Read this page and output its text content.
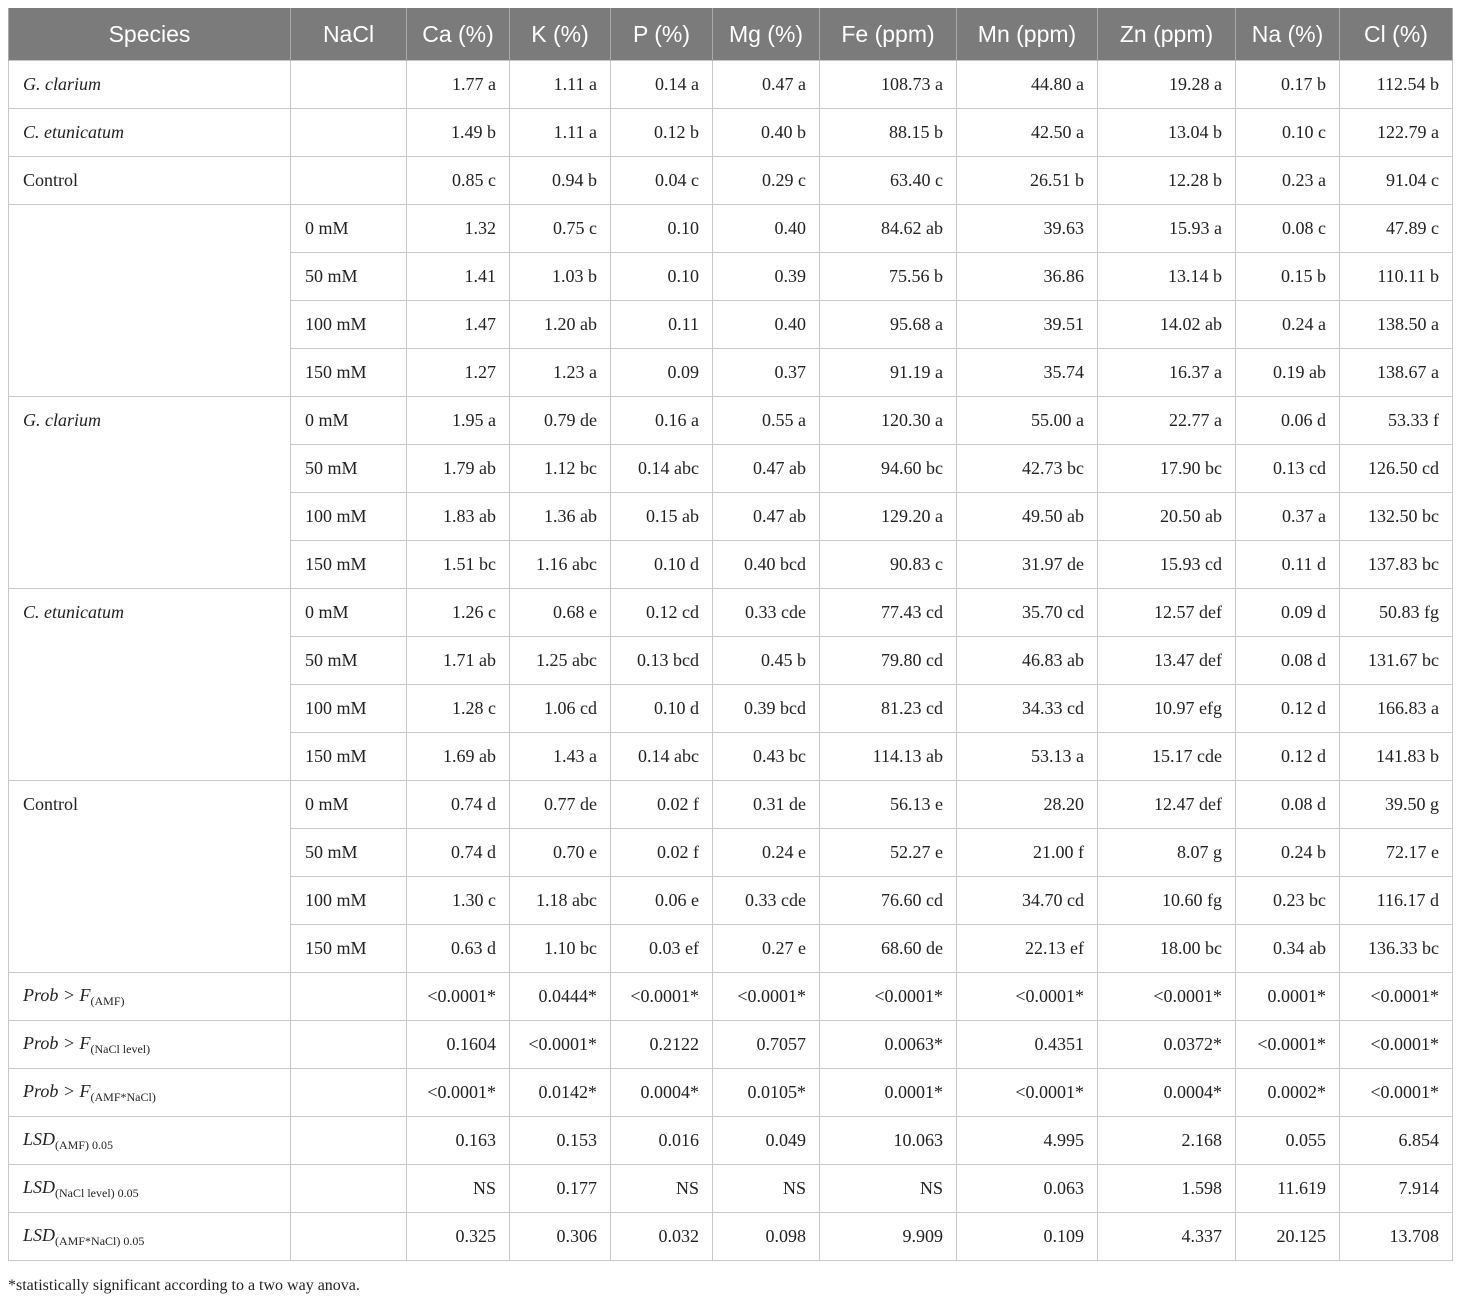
Species	NaCl	Ca (%)	K (%)	P (%)	Mg (%)	Fe (ppm)	Mn (ppm)	Zn (ppm)	Na (%)	Cl (%)
G. clarium		1.77 a	1.11 a	0.14 a	0.47 a	108.73 a	44.80 a	19.28 a	0.17 b	112.54 b
C. etunicatum		1.49 b	1.11 a	0.12 b	0.40 b	88.15 b	42.50 a	13.04 b	0.10 c	122.79 a
Control		0.85 c	0.94 b	0.04 c	0.29 c	63.40 c	26.51 b	12.28 b	0.23 a	91.04 c
	0 mM	1.32	0.75 c	0.10	0.40	84.62 ab	39.63	15.93 a	0.08 c	47.89 c
	50 mM	1.41	1.03 b	0.10	0.39	75.56 b	36.86	13.14 b	0.15 b	110.11 b
	100 mM	1.47	1.20 ab	0.11	0.40	95.68 a	39.51	14.02 ab	0.24 a	138.50 a
	150 mM	1.27	1.23 a	0.09	0.37	91.19 a	35.74	16.37 a	0.19 ab	138.67 a
G. clarium	0 mM	1.95 a	0.79 de	0.16 a	0.55 a	120.30 a	55.00 a	22.77 a	0.06 d	53.33 f
	50 mM	1.79 ab	1.12 bc	0.14 abc	0.47 ab	94.60 bc	42.73 bc	17.90 bc	0.13 cd	126.50 cd
	100 mM	1.83 ab	1.36 ab	0.15 ab	0.47 ab	129.20 a	49.50 ab	20.50 ab	0.37 a	132.50 bc
	150 mM	1.51 bc	1.16 abc	0.10 d	0.40 bcd	90.83 c	31.97 de	15.93 cd	0.11 d	137.83 bc
C. etunicatum	0 mM	1.26 c	0.68 e	0.12 cd	0.33 cde	77.43 cd	35.70 cd	12.57 def	0.09 d	50.83 fg
	50 mM	1.71 ab	1.25 abc	0.13 bcd	0.45 b	79.80 cd	46.83 ab	13.47 def	0.08 d	131.67 bc
	100 mM	1.28 c	1.06 cd	0.10 d	0.39 bcd	81.23 cd	34.33 cd	10.97 efg	0.12 d	166.83 a
	150 mM	1.69 ab	1.43 a	0.14 abc	0.43 bc	114.13 ab	53.13 a	15.17 cde	0.12 d	141.83 b
Control	0 mM	0.74 d	0.77 de	0.02 f	0.31 de	56.13 e	28.20	12.47 def	0.08 d	39.50 g
	50 mM	0.74 d	0.70 e	0.02 f	0.24 e	52.27 e	21.00 f	8.07 g	0.24 b	72.17 e
	100 mM	1.30 c	1.18 abc	0.06 e	0.33 cde	76.60 cd	34.70 cd	10.60 fg	0.23 bc	116.17 d
	150 mM	0.63 d	1.10 bc	0.03 ef	0.27 e	68.60 de	22.13 ef	18.00 bc	0.34 ab	136.33 bc
Prob > $F_{(AMF)}$		<0.0001*	0.0444*	<0.0001*	<0.0001*	<0.0001*	<0.0001*	<0.0001*	0.0001*	<0.0001*
Prob > $F_{(NaCl level)}$		0.1604	<0.0001*	0.2122	0.7057	0.0063*	0.4351	0.0372*	<0.0001*	<0.0001*
Prob > $F_{(AMF*NaCl)}$		<0.0001*	0.0142*	0.0004*	0.0105*	0.0001*	<0.0001*	0.0004*	0.0002*	<0.0001*
$LSD_{(AMF)}$ $_{0.05}$		0.163	0.153	0.016	0.049	10.063	4.995	2.168	0.055	6.854
$LSD_{(NaCl level)}$ $_{0.05}$		NS	0.177	NS	NS	NS	0.063	1.598	11.619	7.914
$LSD_{(AMF*NaCl)}$ $_{0.05}$		0.325	0.306	0.032	0.098	9.909	0.109	4.337	20.125	13.708
*statistically significant according to a two way anova.
